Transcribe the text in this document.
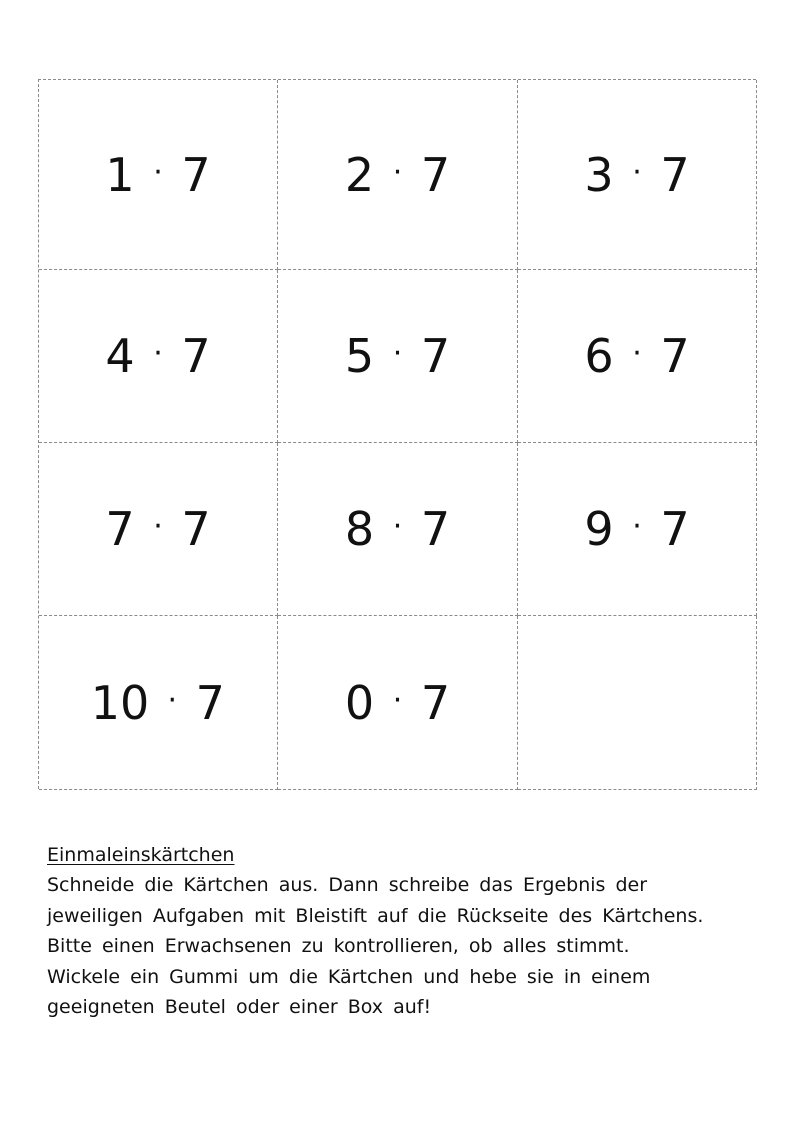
1 · 7	2 · 7	3 · 7
4 · 7	5 · 7	6 · 7
7 · 7	8 · 7	9 · 7
10 · 7	0 · 7
Einmaleinskärtchen

Schneide die Kärtchen aus. Dann schreibe das Ergebnis der

jeweiligen Aufgaben mit Bleistift auf die Rückseite des Kärtchens.

Bitte einen Erwachsenen zu kontrollieren, ob alles stimmt.

Wickele ein Gummi um die Kärtchen und hebe sie in einem

geeigneten Beutel oder einer Box auf!
